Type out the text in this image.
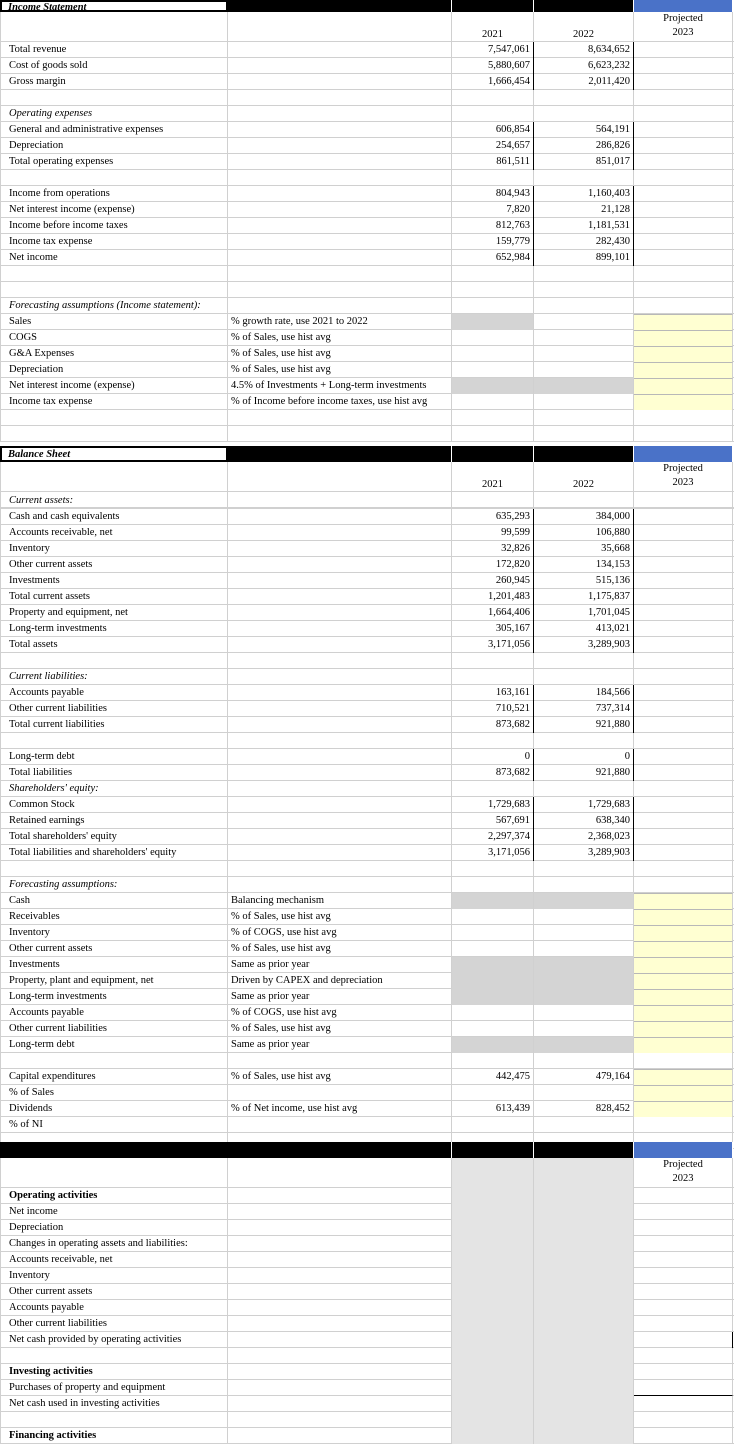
Income Statement
2021	2022
Projected
2023
Total revenue	7,547,061	8,634,652
Cost of goods sold	5,880,607	6,623,232
Gross margin	1,666,454	2,011,420
Operating expenses
General and administrative expenses	606,854	564,191
Depreciation	254,657	286,826
Total operating expenses	861,511	851,017
Income from operations	804,943	1,160,403
Net interest income (expense)	7,820	21,128
Income before income taxes	812,763	1,181,531
Income tax expense	159,779	282,430
Net income	652,984	899,101
Forecasting assumptions (Income statement):
Sales	% growth rate, use 2021 to 2022
COGS	% of Sales, use hist avg
G&A Expenses	% of Sales, use hist avg
Depreciation	% of Sales, use hist avg
Net interest income (expense)	4.5% of Investments + Long-term investments
Income tax expense	% of Income before income taxes, use hist avg
Balance Sheet
2021	2022
Projected
2023
Current assets:
Cash and cash equivalents	635,293	384,000
Accounts receivable, net	99,599	106,880
Inventory	32,826	35,668
Other current assets	172,820	134,153
Investments	260,945	515,136
Total current assets	1,201,483	1,175,837
Property and equipment, net	1,664,406	1,701,045
Long-term investments	305,167	413,021
Total assets	3,171,056	3,289,903
Current liabilities:
Accounts payable	163,161	184,566
Other current liabilities	710,521	737,314
Total current liabilities	873,682	921,880
Long-term debt	0	0
Total liabilities	873,682	921,880
Shareholders' equity:
Common Stock	1,729,683	1,729,683
Retained earnings	567,691	638,340
Total shareholders' equity	2,297,374	2,368,023
Total liabilities and shareholders' equity	3,171,056	3,289,903
Forecasting assumptions:
Cash	Balancing mechanism
Receivables	% of Sales, use hist avg
Inventory	% of COGS, use hist avg
Other current assets	% of Sales, use hist avg
Investments	Same as prior year
Property, plant and equipment, net	Driven by CAPEX and depreciation
Long-term investments	Same as prior year
Accounts payable	% of COGS, use hist avg
Other current liabilities	% of Sales, use hist avg
Long-term debt	Same as prior year
Capital expenditures	% of Sales, use hist avg	442,475	479,164
% of Sales
Dividends	% of Net income, use hist avg	613,439	828,452
% of NI
Projected
2023
Operating activities
Net income
Depreciation
Changes in operating assets and liabilities:
Accounts receivable, net
Inventory
Other current assets
Accounts payable
Other current liabilities
Net cash provided by operating activities
Investing activities
Purchases of property and equipment
Net cash used in investing activities
Financing activities
